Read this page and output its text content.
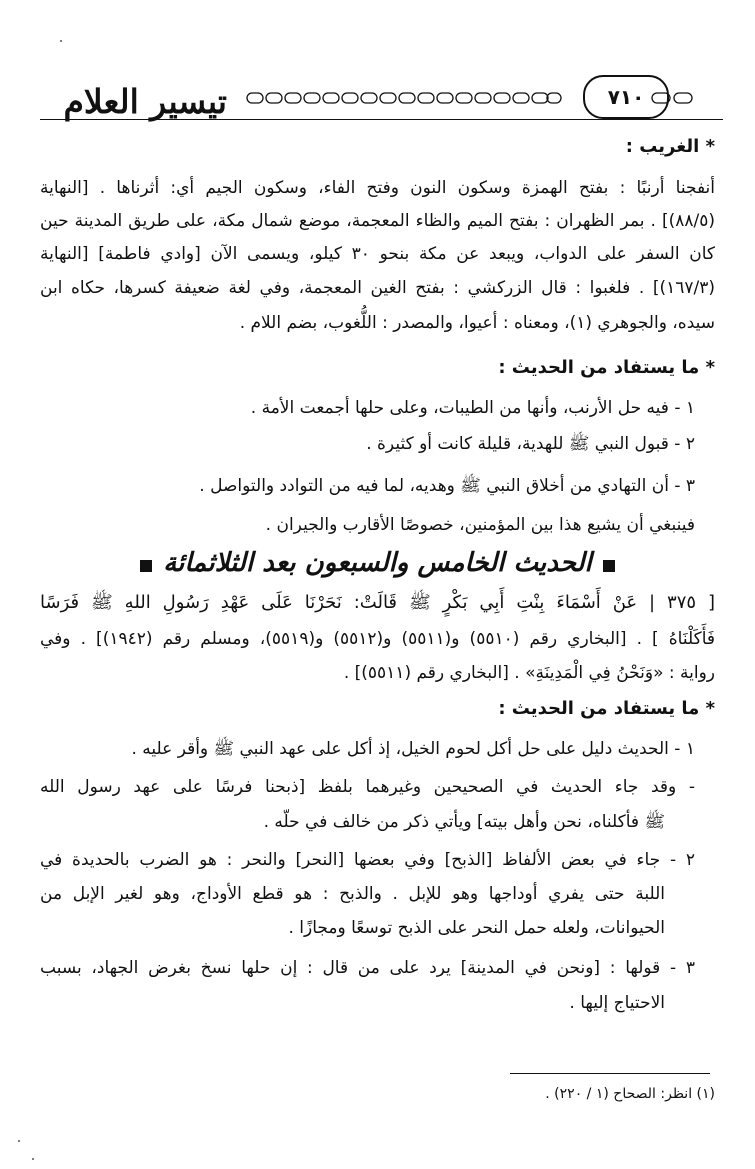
تيسير العلام	٧١٠
* الغريب :
أنفجنا أرنبًا : بفتح الهمزة وسكون النون وفتح الفاء، وسكون الجيم أي: أثرناها . [النهاية
(٨٨/٥)] . بمر الظهران : بفتح الميم والظاء المعجمة، موضع شمال مكة، على طريق المدينة حين
كان السفر على الدواب، ويبعد عن مكة بنحو ٣٠ كيلو، ويسمى الآن [وادي فاطمة] [النهاية
(١٦٧/٣)] . فلغبوا : قال الزركشي : بفتح الغين المعجمة، وفي لغة ضعيفة كسرها، حكاه ابن
سيده، والجوهري (١)، ومعناه : أعيوا، والمصدر : اللُّغوب، بضم اللام .
* ما يستفاد من الحديث :
١ - فيه حل الأرنب، وأنها من الطيبات، وعلى حلها أجمعت الأمة .
٢ - قبول النبي ﷺ للهدية، قليلة كانت أو كثيرة .
٣ - أن التهادي من أخلاق النبي ﷺ وهديه، لما فيه من التوادد والتواصل .
فينبغي أن يشيع هذا بين المؤمنين، خصوصًا الأقارب والجيران .
الحديث الخامس والسبعون بعد الثلاثمائة
[ ٣٧٥ | عَنْ أَسْمَاءَ بِنْتِ أَبِي بَكْرٍ ﷺ قَالَتْ: نَحَرْنَا عَلَى عَهْدِ رَسُولِ اللهِ ﷺ فَرَسًا
فَأَكَلْنَاهُ ] . [البخاري رقم (٥٥١٠) و(٥٥١١) و(٥٥١٢) و(٥٥١٩)، ومسلم رقم (١٩٤٢)] . وفي
رواية : «وَنَحْنُ فِي الْمَدِينَةِ» . [البخاري رقم (٥٥١١)] .
* ما يستفاد من الحديث :
١ - الحديث دليل على حل أكل لحوم الخيل، إذ أكل على عهد النبي ﷺ وأقر عليه .
- وقد جاء الحديث في الصحيحين وغيرهما بلفظ [ذبحنا فرسًا على عهد رسول الله
ﷺ فأكلناه، نحن وأهل بيته] ويأتي ذكر من خالف في حلّه .
٢ - جاء في بعض الألفاظ [الذبح] وفي بعضها [النحر] والنحر : هو الضرب بالحديدة في
اللبة حتى يفري أوداجها وهو للإبل . والذبح : هو قطع الأوداج، وهو لغير الإبل من
الحيوانات، ولعله حمل النحر على الذبح توسعًا ومجازًا .
٣ - قولها : [ونحن في المدينة] يرد على من قال : إن حلها نسخ بغرض الجهاد، بسبب
الاحتياج إليها .
(١) انظر: الصحاح (١ / ٢٢٠) .
